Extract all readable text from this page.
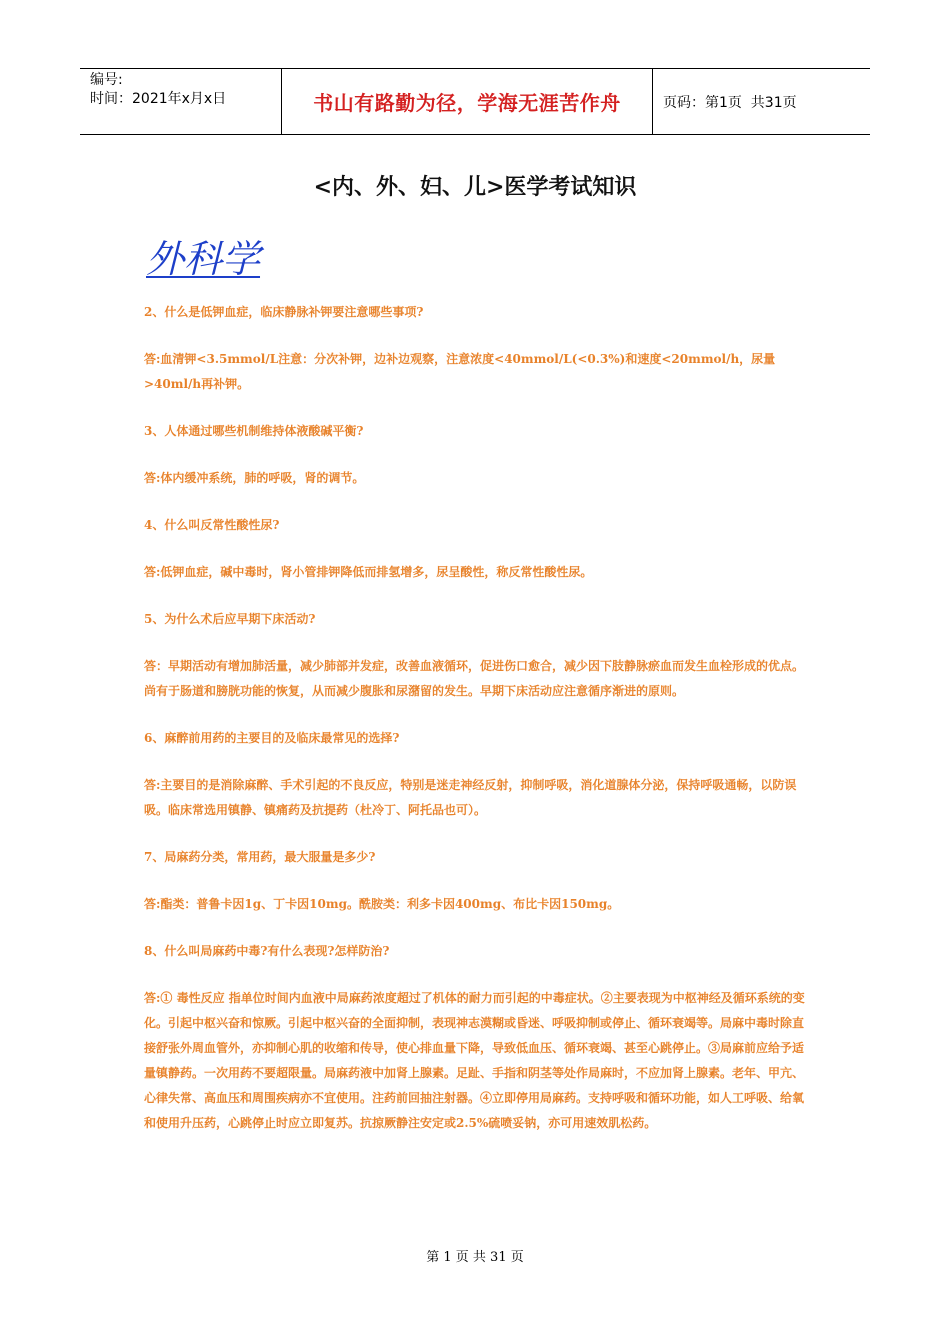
编号:
时间：2021年x月x日	书山有路勤为径，学海无涯苦作舟	页码：第1页  共31页
<内、外、妇、儿>医学考试知识
外科学

2、什么是低钾血症，临床静脉补钾要注意哪些事项?

答:血清钾<3.5mmol/L注意：分次补钾，边补边观察，注意浓度<40mmol/L(<0.3%)和速度<20mmol/h，尿量>40ml/h再补钾。

3、人体通过哪些机制维持体液酸碱平衡?

答:体内缓冲系统，肺的呼吸，肾的调节。

4、什么叫反常性酸性尿?

答:低钾血症，碱中毒时，肾小管排钾降低而排氢增多，尿呈酸性，称反常性酸性尿。

5、为什么术后应早期下床活动?

答：早期活动有增加肺活量，减少肺部并发症，改善血液循环，促进伤口愈合，减少因下肢静脉瘀血而发生血栓形成的优点。尚有于肠道和膀胱功能的恢复，从而减少腹胀和尿潴留的发生。早期下床活动应注意循序渐进的原则。

6、麻醉前用药的主要目的及临床最常见的选择?

答:主要目的是消除麻醉、手术引起的不良反应，特别是迷走神经反射，抑制呼吸，消化道腺体分泌，保持呼吸通畅，以防误吸。临床常选用镇静、镇痛药及抗提药（杜冷丁、阿托品也可）。

7、局麻药分类，常用药，最大服量是多少?

答:酯类：普鲁卡因1g、丁卡因10mg。酰胺类：利多卡因400mg、布比卡因150mg。

8、什么叫局麻药中毒?有什么表现?怎样防治?

答:① 毒性反应 指单位时间内血液中局麻药浓度超过了机体的耐力而引起的中毒症状。②主要表现为中枢神经及循环系统的变化。引起中枢兴奋和惊厥。引起中枢兴奋的全面抑制，表现神志漠糊或昏迷、呼吸抑制或停止、循环衰竭等。局麻中毒时除直接舒张外周血管外，亦抑制心肌的收缩和传导，使心排血量下降，导致低血压、循环衰竭、甚至心跳停止。③局麻前应给予适量镇静药。一次用药不要超限量。局麻药液中加肾上腺素。足趾、手指和阴茎等处作局麻时，不应加肾上腺素。老年、甲亢、心律失常、高血压和周围疾病亦不宜使用。注药前回抽注射器。④立即停用局麻药。支持呼吸和循环功能，如人工呼吸、给氧和使用升压药，心跳停止时应立即复苏。抗掠厥静注安定或2.5%硫喷妥钠，亦可用速效肌松药。

第 1 页 共 31 页
